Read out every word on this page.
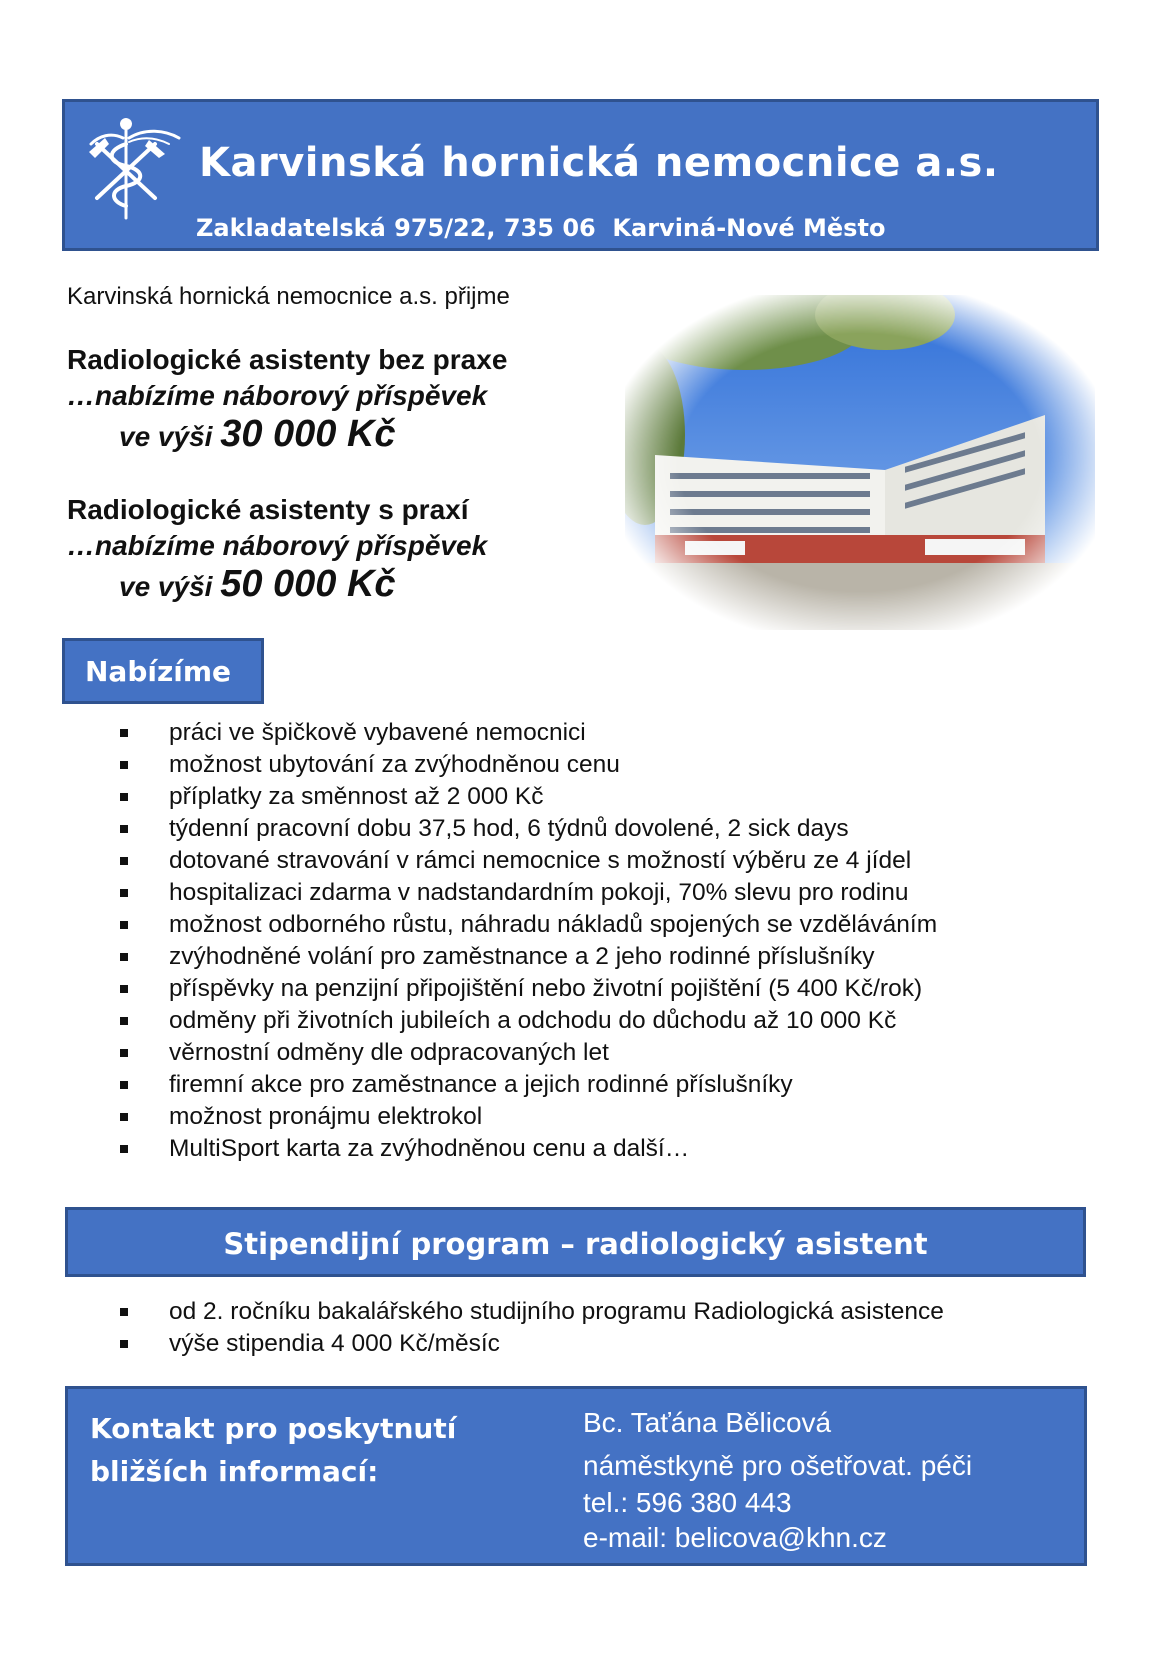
Karvinská hornická nemocnice a.s.
Zakladatelská 975/22, 735 06  Karviná-Nové Město
Karvinská hornická nemocnice a.s. přijme
Radiologické asistenty bez praxe
…nabízíme náborový příspěvek
ve výši 30 000 Kč
Radiologické asistenty s praxí
…nabízíme náborový příspěvek
ve výši 50 000 Kč
Nabízíme
práci ve špičkově vybavené nemocnici
možnost ubytování za zvýhodněnou cenu
příplatky za směnnost až 2 000 Kč
týdenní pracovní dobu 37,5 hod, 6 týdnů dovolené, 2 sick days
dotované stravování v rámci nemocnice s možností výběru ze 4 jídel
hospitalizaci zdarma v nadstandardním pokoji, 70% slevu pro rodinu
možnost odborného růstu, náhradu nákladů spojených se vzděláváním
zvýhodněné volání pro zaměstnance a 2 jeho rodinné příslušníky
příspěvky na penzijní připojištění nebo životní pojištění (5 400 Kč/rok)
odměny při životních jubileích a odchodu do důchodu až 10 000 Kč
věrnostní odměny dle odpracovaných let
firemní akce pro zaměstnance a jejich rodinné příslušníky
možnost pronájmu elektrokol
MultiSport karta za zvýhodněnou cenu a další…
Stipendijní program – radiologický asistent
od 2. ročníku bakalářského studijního programu Radiologická asistence
výše stipendia 4 000 Kč/měsíc
Kontakt pro poskytnutí bližších informací:
Bc. Taťána Bělicová
náměstkyně pro ošetřovat. péči
tel.: 596 380 443
e-mail: belicova@khn.cz
